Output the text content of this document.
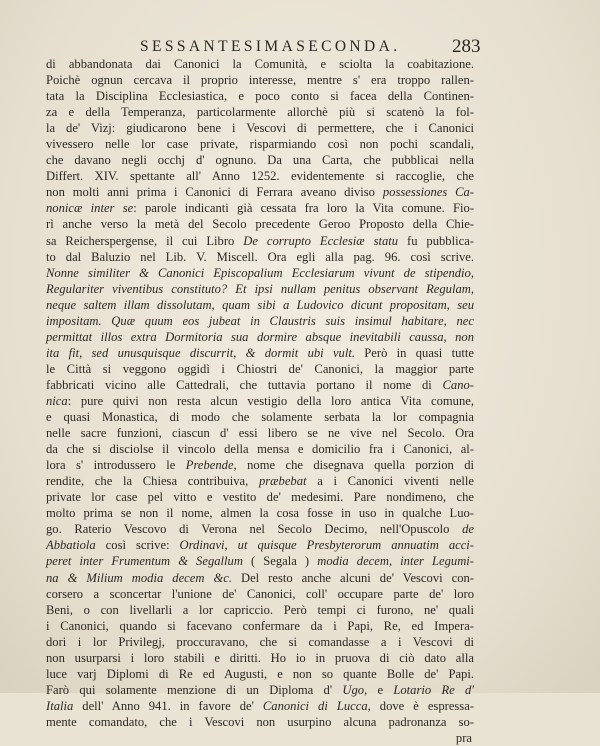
SESSANTESIMASECONDA.	283
di abbandonata dai Canonici la Comunità, e sciolta la coabitazione.
Poichè ognun cercava il proprio interesse, mentre s' era troppo rallen-
tata la Disciplina Ecclesiastica, e poco conto si facea della Continen-
za e della Temperanza, particolarmente allorchè più si scatenò la fol-
la de' Vizj: giudicarono bene i Vescovi di permettere, che i Canonici
vivessero nelle lor case private, risparmiando così non pochi scandali,
che davano negli occhj d' ognuno. Da una Carta, che pubblicai nella
Differt. XIV. spettante all' Anno 1252. evidentemente si raccoglie, che
non molti anni prima i Canonici di Ferrara aveano diviso possessiones Ca-
nonicæ inter se: parole indicanti già cessata fra loro la Vita comune. Fio-
rì anche verso la metà del Secolo precedente Geroo Proposto della Chie-
sa Reicherspergense, il cui Libro De corrupto Ecclesiæ statu fu pubblica-
to dal Baluzio nel Lib. V. Miscell. Ora egli alla pag. 96. così scrive.
Nonne similiter & Canonici Episcopalium Ecclesiarum vivunt de stipendio,
Regulariter viventibus constituto? Et ipsi nullam penitus observant Regulam,
neque saltem illam dissolutam, quam sibi a Ludovico dicunt propositam, seu
impositam. Quæ quum eos jubeat in Claustris suis insimul habitare, nec
permittat illos extra Dormitoria sua dormire absque inevitabili caussa, non
ita fit, sed unusquisque discurrit, & dormit ubi vult. Però in quasi tutte
le Città si veggono oggidì i Chiostri de' Canonici, la maggior parte
fabbricati vicino alle Cattedrali, che tuttavia portano il nome di Cano-
nica: pure quivi non resta alcun vestigio della loro antica Vita comune,
e quasi Monastica, di modo che solamente serbata la lor compagnia
nelle sacre funzioni, ciascun d' essi libero se ne vive nel Secolo. Ora
da che si disciolse il vincolo della mensa e domicilio fra i Canonici, al-
lora s' introdussero le Prebende, nome che disegnava quella porzion di
rendite, che la Chiesa contribuiva, præbebat a i Canonici viventi nelle
private lor case pel vitto e vestito de' medesimi. Pare nondimeno, che
molto prima se non il nome, almen la cosa fosse in uso in qualche Luo-
go. Raterio Vescovo di Verona nel Secolo Decimo, nell'Opuscolo de
Abbatiola così scrive: Ordinavi, ut quisque Presbyterorum annuatim acci-
peret inter Frumentum & Segallum ( Segala ) modia decem, inter Legumi-
na & Milium modia decem &c. Del resto anche alcuni de' Vescovi con-
corsero a sconcertar l'unione de' Canonici, coll' occupare parte de' loro
Beni, o con livellarli a lor capriccio. Però tempi ci furono, ne' quali
i Canonici, quando si facevano confermare da i Papi, Re, ed Impera-
dori i lor Privilegj, proccuravano, che si comandasse a i Vescovi di
non usurparsi i loro stabili e diritti. Ho io in pruova di ciò dato alla
luce varj Diplomi di Re ed Augusti, e non so quante Bolle de' Papi.
Farò qui solamente menzione di un Diploma d' Ugo, e Lotario Re d'
Italia dell' Anno 941. in favore de' Canonici di Lucca, dove è espressa-
mente comandato, che i Vescovi non usurpino alcuna padronanza so-
pra
